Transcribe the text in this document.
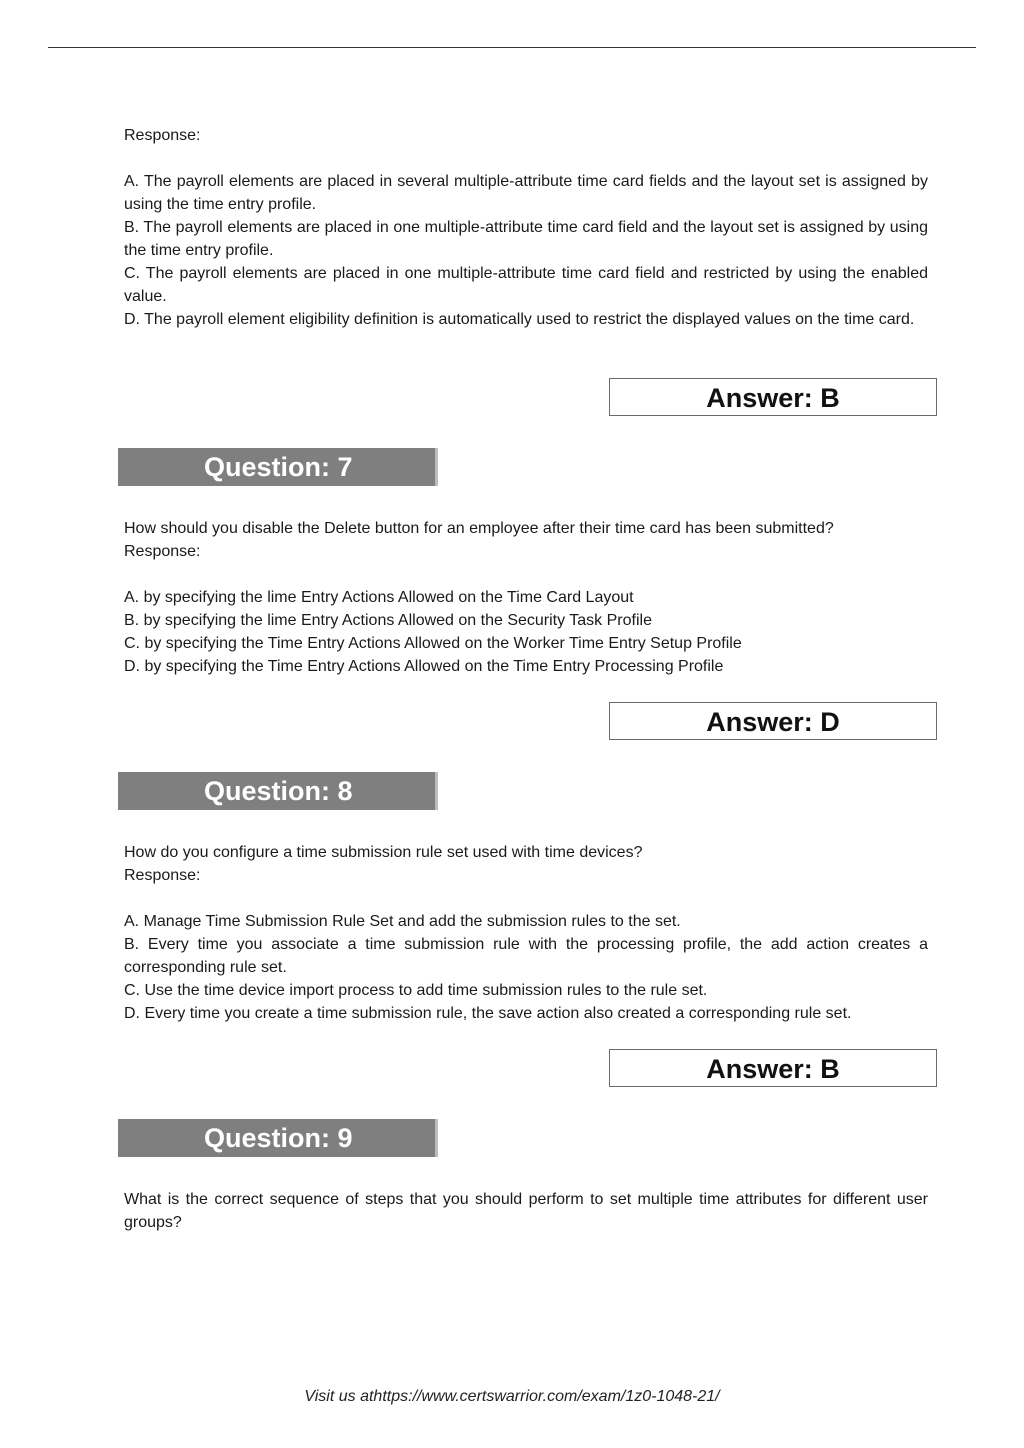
Response:

A. The payroll elements are placed in several multiple-attribute time card fields and the layout set is assigned by using the time entry profile.

B. The payroll elements are placed in one multiple-attribute time card field and the layout set is assigned by using the time entry profile.

C. The payroll elements are placed in one multiple-attribute time card field and restricted by using the enabled value.

D. The payroll element eligibility definition is automatically used to restrict the displayed values on the time card.

Answer: B
Question: 7

How should you disable the Delete button for an employee after their time card has been submitted?

Response:

A. by specifying the lime Entry Actions Allowed on the Time Card Layout

B. by specifying the lime Entry Actions Allowed on the Security Task Profile

C. by specifying the Time Entry Actions Allowed on the Worker Time Entry Setup Profile

D. by specifying the Time Entry Actions Allowed on the Time Entry Processing Profile

Answer: D
Question: 8

How do you configure a time submission rule set used with time devices?

Response:

A. Manage Time Submission Rule Set and add the submission rules to the set.

B. Every time you associate a time submission rule with the processing profile, the add action creates a corresponding rule set.

C. Use the time device import process to add time submission rules to the rule set.

D. Every time you create a time submission rule, the save action also created a corresponding rule set.

Answer: B
Question: 9

What is the correct sequence of steps that you should perform to set multiple time attributes for different user groups?

Visit us athttps://www.certswarrior.com/exam/1z0-1048-21/
